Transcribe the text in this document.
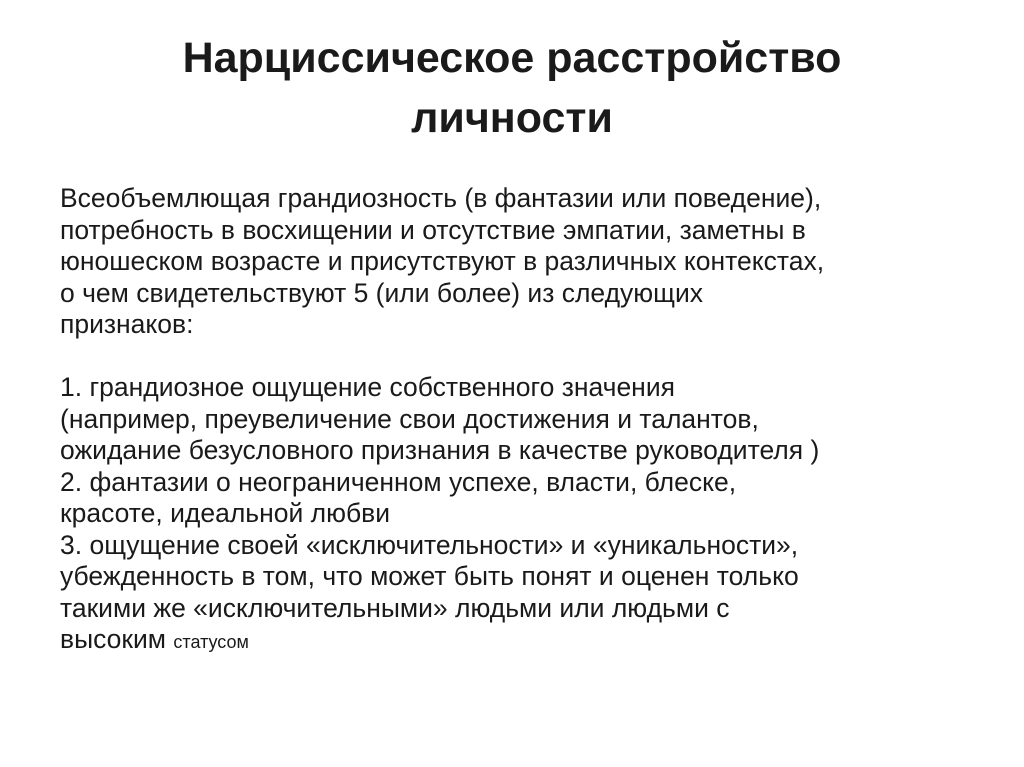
Нарциссическое расстройство
личности
Всеобъемлющая грандиозность (в фантазии или поведение),
потребность в восхищении и отсутствие эмпатии, заметны в
юношеском возрасте и присутствуют в различных контекстах,
о чем свидетельствуют 5 (или более) из следующих
признаков:
1. грандиозное ощущение собственного значения
(например, преувеличение свои достижения и талантов,
ожидание безусловного признания в качестве руководителя )
2. фантазии о неограниченном успехе, власти, блеске,
красоте, идеальной любви
3. ощущение своей «исключительности» и «уникальности»,
убежденность в том, что может быть понят и оценен только
такими же «исключительными» людьми или людьми с
высоким статусом
